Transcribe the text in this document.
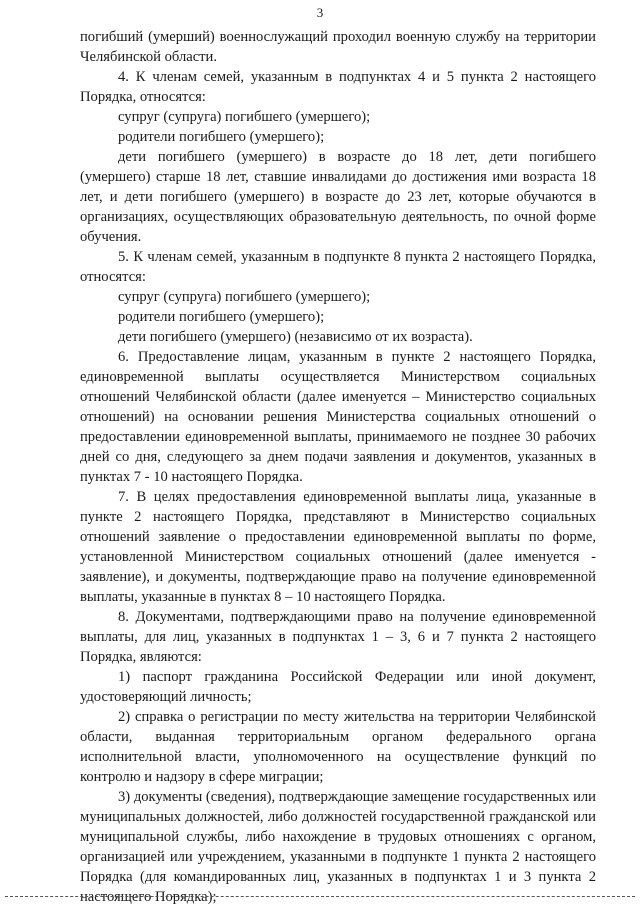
3

погибший (умерший) военнослужащий проходил военную службу на территории Челябинской области.

4. К членам семей, указанным в подпунктах 4 и 5 пункта 2 настоящего Порядка, относятся:

супруг (супруга) погибшего (умершего);

родители погибшего (умершего);

дети погибшего (умершего) в возрасте до 18 лет, дети погибшего (умершего) старше 18 лет, ставшие инвалидами до достижения ими возраста 18 лет, и дети погибшего (умершего) в возрасте до 23 лет, которые обучаются в организациях, осуществляющих образовательную деятельность, по очной форме обучения.

5. К членам семей, указанным в подпункте 8 пункта 2 настоящего Порядка, относятся:

супруг (супруга) погибшего (умершего);

родители погибшего (умершего);

дети погибшего (умершего) (независимо от их возраста).

6. Предоставление лицам, указанным в пункте 2 настоящего Порядка, единовременной выплаты осуществляется Министерством социальных отношений Челябинской области (далее именуется – Министерство социальных отношений) на основании решения Министерства социальных отношений о предоставлении единовременной выплаты, принимаемого не позднее 30 рабочих дней со дня, следующего за днем подачи заявления и документов, указанных в пунктах 7 - 10 настоящего Порядка.

7. В целях предоставления единовременной выплаты лица, указанные в пункте 2 настоящего Порядка, представляют в Министерство социальных отношений заявление о предоставлении единовременной выплаты по форме, установленной Министерством социальных отношений (далее именуется - заявление), и документы, подтверждающие право на получение единовременной выплаты, указанные в пунктах 8 – 10 настоящего Порядка.

8. Документами, подтверждающими право на получение единовременной выплаты, для лиц, указанных в подпунктах 1 – 3, 6 и 7 пункта 2 настоящего Порядка, являются:

1) паспорт гражданина Российской Федерации или иной документ, удостоверяющий личность;

2) справка о регистрации по месту жительства на территории Челябинской области, выданная территориальным органом федерального органа исполнительной власти, уполномоченного на осуществление функций по контролю и надзору в сфере миграции;

3) документы (сведения), подтверждающие замещение государственных или муниципальных должностей, либо должностей государственной гражданской или муниципальной службы, либо нахождение в трудовых отношениях с органом, организацией или учреждением, указанными в подпункте 1 пункта 2 настоящего Порядка (для командированных лиц, указанных в подпунктах 1 и 3 пункта 2 настоящего Порядка);
